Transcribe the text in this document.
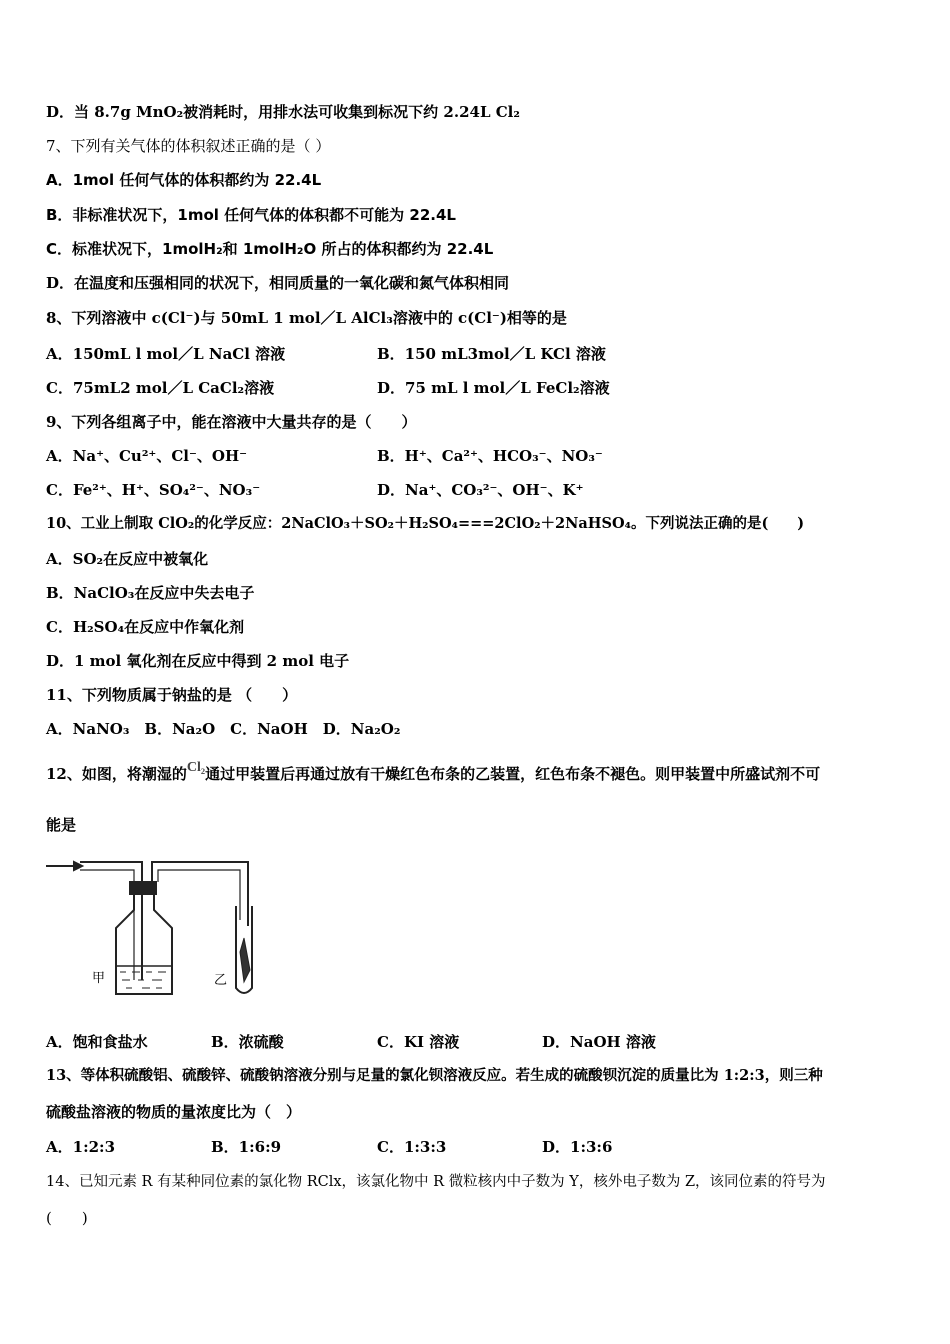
D．当 8.7g MnO₂被消耗时，用排水法可收集到标况下约 2.24L Cl₂
7、下列有关气体的体积叙述正确的是（ ）
A．1mol 任何气体的体积都约为 22.4L
B．非标准状况下，1mol 任何气体的体积都不可能为 22.4L
C．标准状况下，1molH₂和 1molH₂O 所占的体积都约为 22.4L
D．在温度和压强相同的状况下，相同质量的一氧化碳和氮气体积相同
8、下列溶液中 c(Cl⁻)与 50mL 1 mol／L AlCl₃溶液中的 c(Cl⁻)相等的是
A．150mL l mol／L NaCl 溶液	B．150 mL3mol／L KCl 溶液
C．75mL2 mol／L CaCl₂溶液	D．75 mL l mol／L FeCl₂溶液
9、下列各组离子中，能在溶液中大量共存的是（　　）
A．Na⁺、Cu²⁺、Cl⁻、OH⁻	B．H⁺、Ca²⁺、HCO₃⁻、NO₃⁻
C．Fe²⁺、H⁺、SO₄²⁻、NO₃⁻	D．Na⁺、CO₃²⁻、OH⁻、K⁺
10、工业上制取 ClO₂的化学反应：2NaClO₃＋SO₂＋H₂SO₄===2ClO₂＋2NaHSO₄。下列说法正确的是(　　)
A．SO₂在反应中被氧化
B．NaClO₃在反应中失去电子
C．H₂SO₄在反应中作氧化剂
D．1 mol 氧化剂在反应中得到 2 mol 电子
11、下列物质属于钠盐的是 （　　）
A．NaNO₃　B．Na₂O　C．NaOH　D．Na₂O₂
12、如图，将潮湿的Cl₂通过甲装置后再通过放有干燥红色布条的乙装置，红色布条不褪色。则甲装置中所盛试剂不可
能是
甲	乙
A．饱和食盐水	B．浓硫酸	C．KI 溶液	D．NaOH 溶液
13、等体积硫酸铝、硫酸锌、硫酸钠溶液分别与足量的氯化钡溶液反应。若生成的硫酸钡沉淀的质量比为 1:2:3，则三种
硫酸盐溶液的物质的量浓度比为（　）
A．1:2:3	B．1:6:9	C．1:3:3	D．1:3:6
14、已知元素 R 有某种同位素的氯化物 RClx，该氯化物中 R 微粒核内中子数为 Y，核外电子数为 Z，该同位素的符号为
(　　)
